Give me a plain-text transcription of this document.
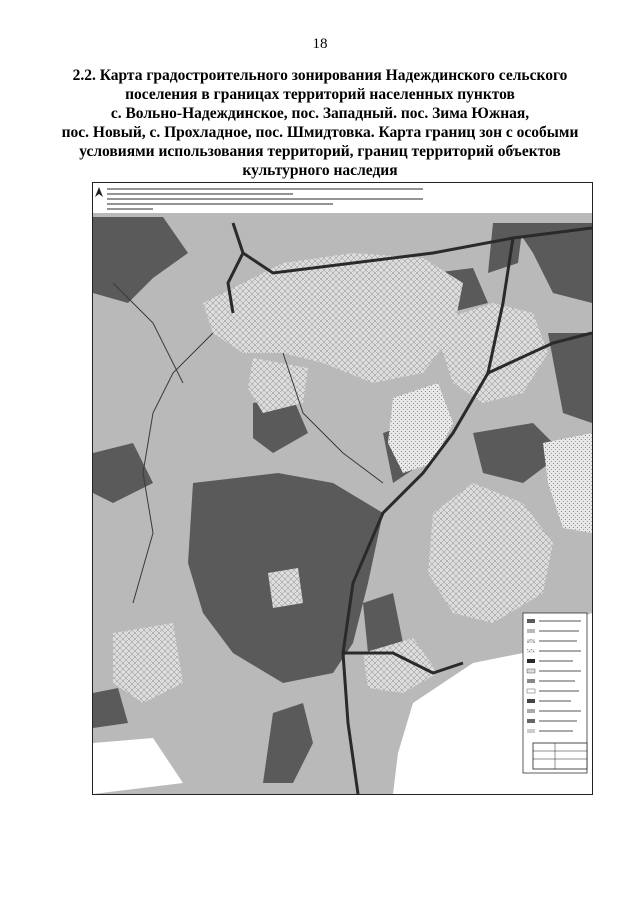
18
2.2. Карта градостроительного зонирования Надеждинского сельского
поселения в границах территорий населенных пунктов
с. Вольно-Надеждинское, пос. Западный. пос. Зима Южная,
пос. Новый, с. Прохладное, пос. Шмидтовка. Карта границ зон с особыми
условиями использования территорий, границ территорий объектов
культурного наследия
